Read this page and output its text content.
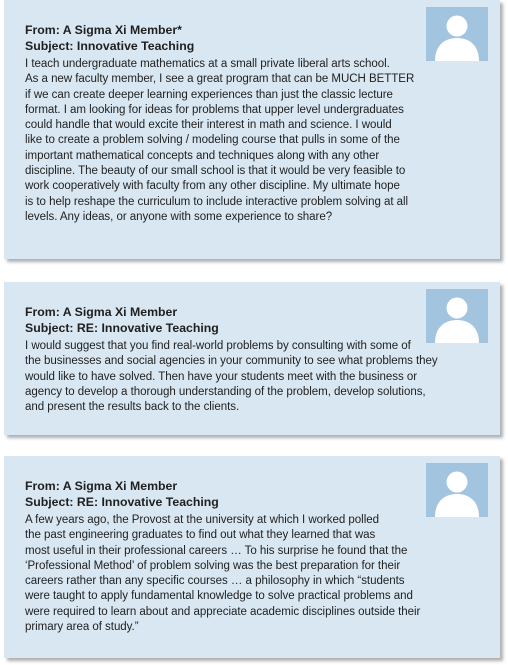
From: A Sigma Xi Member*
Subject: Innovative Teaching
I teach undergraduate mathematics at a small private liberal arts school.
As a new faculty member, I see a great program that can be MUCH BETTER
if we can create deeper learning experiences than just the classic lecture
format. I am looking for ideas for problems that upper level undergraduates
could handle that would excite their interest in math and science. I would
like to create a problem solving / modeling course that pulls in some of the
important mathematical concepts and techniques along with any other
discipline. The beauty of our small school is that it would be very feasible to
work cooperatively with faculty from any other discipline. My ultimate hope
is to help reshape the curriculum to include interactive problem solving at all
levels. Any ideas, or anyone with some experience to share?
From: A Sigma Xi Member
Subject: RE: Innovative Teaching
I would suggest that you find real-world problems by consulting with some of
the businesses and social agencies in your community to see what problems they
would like to have solved. Then have your students meet with the business or
agency to develop a thorough understanding of the problem, develop solutions,
and present the results back to the clients.
From: A Sigma Xi Member
Subject: RE: Innovative Teaching
A few years ago, the Provost at the university at which I worked polled
the past engineering graduates to find out what they learned that was
most useful in their professional careers … To his surprise he found that the
‘Professional Method’ of problem solving was the best preparation for their
careers rather than any specific courses … a philosophy in which “students
were taught to apply fundamental knowledge to solve practical problems and
were required to learn about and appreciate academic disciplines outside their
primary area of study.”
